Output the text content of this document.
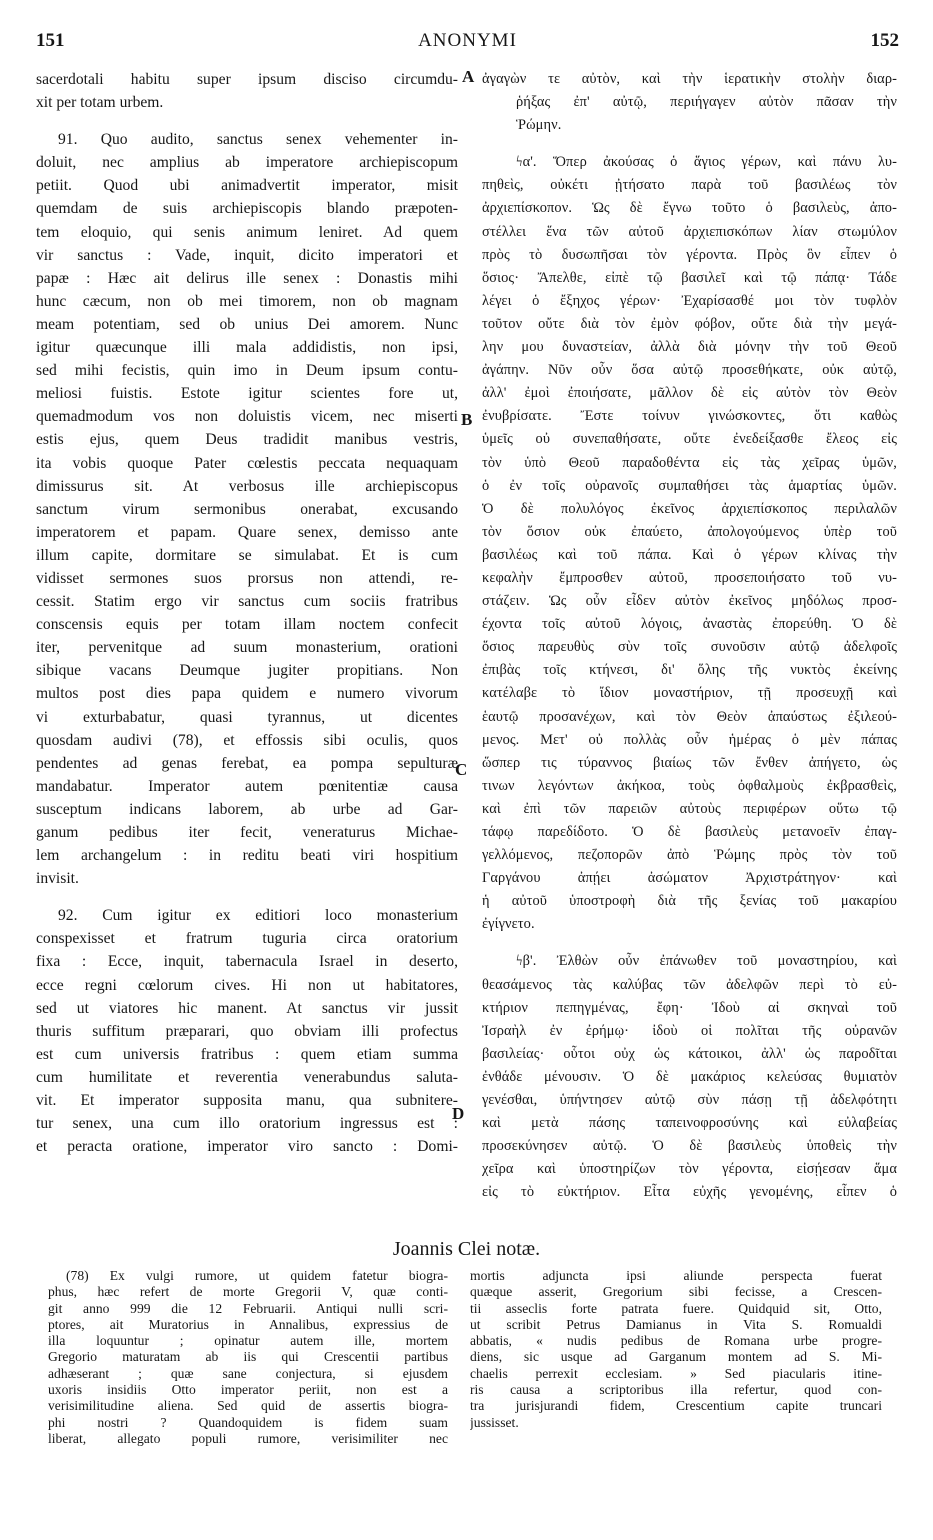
151	ANONYMI	152
sacerdotali habitu super ipsum disciso circumdu-
xit per totam urbem.
91. Quo audito, sanctus senex vehementer in-
doluit, nec amplius ab imperatore archiepiscopum
petiit. Quod ubi animadvertit imperator, misit
quemdam de suis archiepiscopis blando præpoten-
tem eloquio, qui senis animum leniret. Ad quem
vir sanctus : Vade, inquit, dicito imperatori et
papæ : Hæc ait delirus ille senex : Donastis mihi
hunc cæcum, non ob mei timorem, non ob magnam
meam potentiam, sed ob unius Dei amorem. Nunc
igitur quæcunque illi mala addidistis, non ipsi,
sed mihi fecistis, quin imo in Deum ipsum contu-
meliosi fuistis. Estote igitur scientes fore ut,
quemadmodum vos non doluistis vicem, nec miserti
estis ejus, quem Deus tradidit manibus vestris,
ita vobis quoque Pater cœlestis peccata nequaquam
dimissurus sit. At verbosus ille archiepiscopus
sanctum virum sermonibus onerabat, excusando
imperatorem et papam. Quare senex, demisso ante
illum capite, dormitare se simulabat. Et is cum
vidisset sermones suos prorsus non attendi, re-
cessit. Statim ergo vir sanctus cum sociis fratribus
conscensis equis per totam illam noctem confecit
iter, pervenitque ad suum monasterium, orationi
sibique vacans Deumque jugiter propitians. Non
multos post dies papa quidem e numero vivorum
vi exturbabatur, quasi tyrannus, ut dicentes
quosdam audivi (78), et effossis sibi oculis, quos
pendentes ad genas ferebat, ea pompa sepulturæ
mandabatur. Imperator autem pœnitentiæ causa
susceptum indicans laborem, ab urbe ad Gar-
ganum pedibus iter fecit, veneraturus Michae-
lem archangelum : in reditu beati viri hospitium
invisit.
92. Cum igitur ex editiori loco monasterium
conspexisset et fratrum tuguria circa oratorium
fixa : Ecce, inquit, tabernacula Israel in deserto,
ecce regni cœlorum cives. Hi non ut habitatores,
sed ut viatores hic manent. At sanctus vir jussit
thuris suffitum præparari, quo obviam illi profectus
est cum universis fratribus : quem etiam summa
cum humilitate et reverentia venerabundus saluta-
vit. Et imperator supposita manu, qua subnitere-
tur senex, una cum illo oratorium ingressus est :
et peracta oratione, imperator viro sancto : Domi-
ἀγαγὼν τε αὐτὸν, καὶ τὴν ἱερατικὴν στολὴν διαρ-
ῥήξας ἐπ' αὐτῷ, περιήγαγεν αὐτὸν πᾶσαν τὴν
Ῥώμην.
ϟα'. Ὅπερ ἀκούσας ὁ ἅγιος γέρων, καὶ πάνυ λυ-
πηθεὶς, οὐκέτι ᾐτήσατο παρὰ τοῦ βασιλέως τὸν
ἀρχιεπίσκοπον. Ὡς δὲ ἔγνω τοῦτο ὁ βασιλεὺς, ἀπο-
στέλλει ἕνα τῶν αὐτοῦ ἀρχιεπισκόπων λίαν στωμύλον
πρὸς τὸ δυσωπῆσαι τὸν γέροντα. Πρὸς ὃν εἶπεν ὁ
ὅσιος· Ἄπελθε, εἰπὲ τῷ βασιλεῖ καὶ τῷ πάπᾳ· Τάδε
λέγει ὁ ἔξηχος γέρων· Ἐχαρίσασθέ μοι τὸν τυφλὸν
τοῦτον οὔτε διὰ τὸν ἐμὸν φόβον, οὔτε διὰ τὴν μεγά-
λην μου δυναστείαν, ἀλλὰ διὰ μόνην τὴν τοῦ Θεοῦ
ἀγάπην. Νῦν οὖν ὅσα αὐτῷ προσεθήκατε, οὐκ αὐτῷ,
ἀλλ' ἐμοὶ ἐποιήσατε, μᾶλλον δὲ εἰς αὐτὸν τὸν Θεὸν
ἐνυβρίσατε. Ἔστε τοίνυν γινώσκοντες, ὅτι καθὼς
ὑμεῖς οὐ συνεπαθήσατε, οὔτε ἐνεδείξασθε ἔλεος εἰς
τὸν ὑπὸ Θεοῦ παραδοθέντα εἰς τὰς χεῖρας ὑμῶν,
ὁ ἐν τοῖς οὐρανοῖς συμπαθήσει τὰς ἁμαρτίας ὑμῶν.
Ὁ δὲ πολυλόγος ἐκεῖνος ἀρχιεπίσκοπος περιλαλῶν
τὸν ὅσιον οὐκ ἐπαύετο, ἀπολογούμενος ὑπὲρ τοῦ
βασιλέως καὶ τοῦ πάπα. Καὶ ὁ γέρων κλίνας τὴν
κεφαλὴν ἔμπροσθεν αὐτοῦ, προσεποιήσατο τοῦ νυ-
στάζειν. Ὡς οὖν εἶδεν αὐτὸν ἐκεῖνος μηδόλως προσ-
έχοντα τοῖς αὐτοῦ λόγοις, ἀναστὰς ἐπορεύθη. Ὁ δὲ
ὅσιος παρευθὺς σὺν τοῖς συνοῦσιν αὐτῷ ἀδελφοῖς
ἐπιβὰς τοῖς κτήνεσι, δι' ὅλης τῆς νυκτὸς ἐκείνης
κατέλαβε τὸ ἴδιον μοναστήριον, τῇ προσευχῇ καὶ
ἑαυτῷ προσανέχων, καὶ τὸν Θεὸν ἀπαύστως ἐξιλεού-
μενος. Μετ' οὐ πολλὰς οὖν ἡμέρας ὁ μὲν πάπας
ὥσπερ τις τύραννος βιαίως τῶν ἔνθεν ἀπήγετο, ὡς
τινων λεγόντων ἀκήκοα, τοὺς ὀφθαλμοὺς ἐκβρασθεὶς,
καὶ ἐπὶ τῶν παρειῶν αὐτοὺς περιφέρων οὕτω τῷ
τάφῳ παρεδίδοτο. Ὁ δὲ βασιλεὺς μετανοεῖν ἐπαγ-
γελλόμενος, πεζοπορῶν ἀπὸ Ῥώμης πρὸς τὸν τοῦ
Γαργάνου ἀπῄει ἀσώματον Ἀρχιστράτηγον· καὶ
ἡ αὐτοῦ ὑποστροφὴ διὰ τῆς ξενίας τοῦ μακαρίου
ἐγίγνετο.
ϟβ'. Ἐλθὼν οὖν ἐπάνωθεν τοῦ μοναστηρίου, καὶ
θεασάμενος τὰς καλύβας τῶν ἀδελφῶν περὶ τὸ εὐ-
κτήριον πεπηγμένας, ἔφη· Ἰδοὺ αἱ σκηναὶ τοῦ
Ἰσραὴλ ἐν ἐρήμῳ· ἰδοὺ οἱ πολῖται τῆς οὐρανῶν
βασιλείας· οὗτοι οὐχ ὡς κάτοικοι, ἀλλ' ὡς παροδῖται
ἐνθάδε μένουσιν. Ὁ δὲ μακάριος κελεύσας θυμιατὸν
γενέσθαι, ὑπήντησεν αὐτῷ σὺν πάσῃ τῇ ἀδελφότητι
καὶ μετὰ πάσης ταπεινοφροσύνης καὶ εὐλαβείας
προσεκύνησεν αὐτῷ. Ὁ δὲ βασιλεὺς ὑποθεὶς τὴν
χεῖρα καὶ ὑποστηρίζων τὸν γέροντα, εἰσῄεσαν ἅμα
εἰς τὸ εὐκτήριον. Εἶτα εὐχῆς γενομένης, εἶπεν ὁ
A
B
C
D
Joannis Clei notæ.
(78) Ex vulgi rumore, ut quidem fatetur biogra-
phus, hæc refert de morte Gregorii V, quæ conti-
git anno 999 die 12 Februarii. Antiqui nulli scri-
ptores, ait Muratorius in Annalibus, expressius de
illa loquuntur ; opinatur autem ille, mortem
Gregorio maturatam ab iis qui Crescentii partibus
adhæserant ; quæ sane conjectura, si ejusdem
uxoris insidiis Otto imperator periit, non est a
verisimilitudine aliena. Sed quid de assertis biogra-
phi nostri ? Quandoquidem is fidem suam
liberat, allegato populi rumore, verisimiliter nec
mortis adjuncta ipsi aliunde perspecta fuerat
quæque asserit, Gregorium sibi fecisse, a Crescen-
tii asseclis forte patrata fuere. Quidquid sit, Otto,
ut scribit Petrus Damianus in Vita S. Romualdi
abbatis, « nudis pedibus de Romana urbe progre-
diens, sic usque ad Garganum montem ad S. Mi-
chaelis perrexit ecclesiam. » Sed piacularis itine-
ris causa a scriptoribus illa refertur, quod con-
tra jurisjurandi fidem, Crescentium capite truncari
jussisset.
